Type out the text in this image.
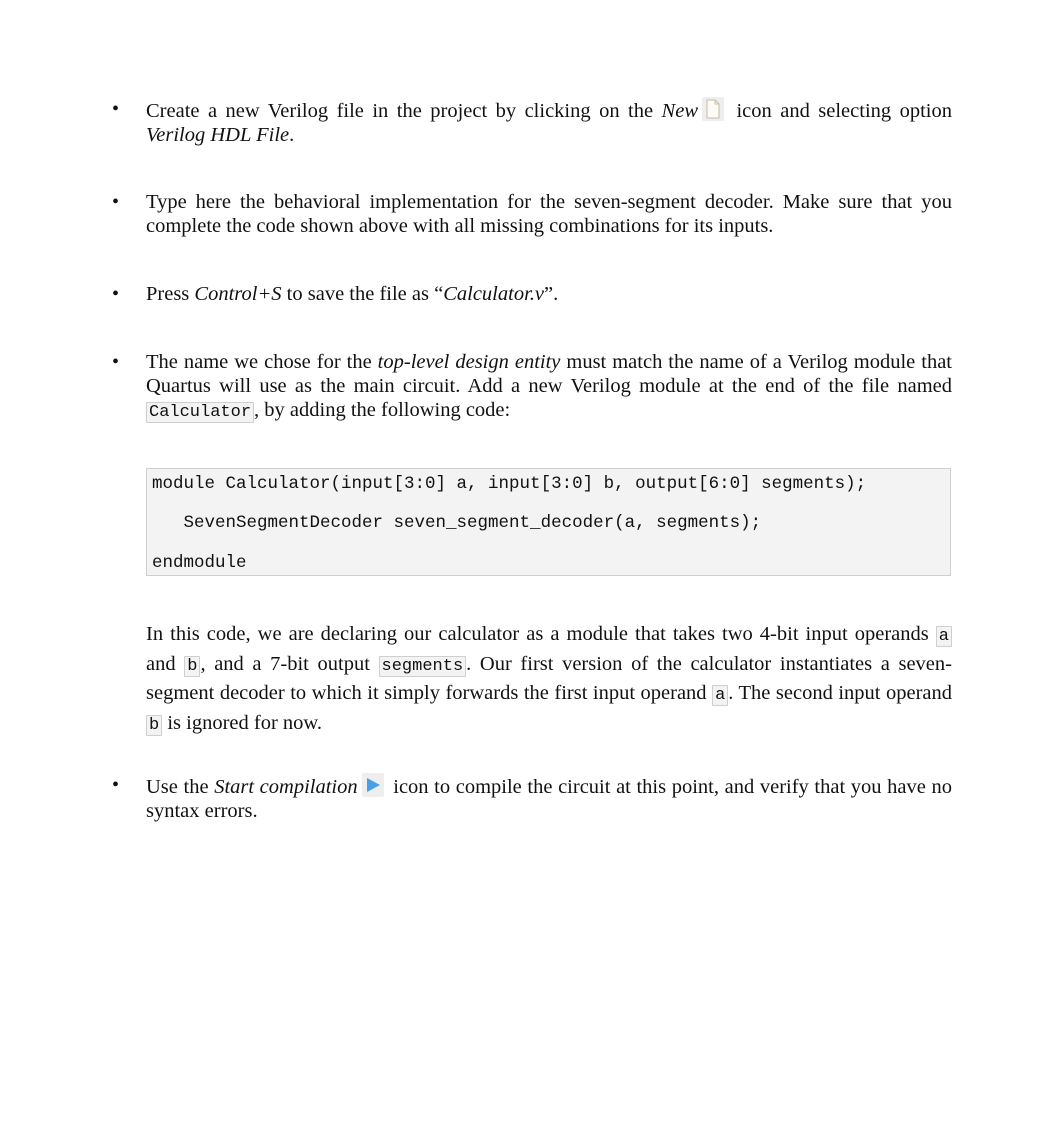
• Create a new Verilog file in the project by clicking on the New
icon and selecting option Verilog HDL File.
• Type here the behavioral implementation for the seven-segment decoder. Make sure that you complete the code shown above with all missing combinations for its inputs.
• Press Control+S to save the file as “Calculator.v”.
• The name we chose for the top-level design entity must match the name of a Verilog module that Quartus will use as the main circuit. Add a new Verilog module at the end of the file named Calculator , by adding the following code:
module Calculator(input[3:0] a, input[3:0] b, output[6:0] segments);
SevenSegmentDecoder seven_segment_decoder(a, segments);
endmodule
In this code, we are declaring our calculator as a module that takes two 4-bit input operands a and b , and a 7-bit output segments . Our first version of the calculator instantiates a seven-segment decoder to which it simply forwards the first input operand a . The second input operand b is ignored for now.
• Use the Start compilation
icon to compile the circuit at this point, and verify that you have no syntax errors.
